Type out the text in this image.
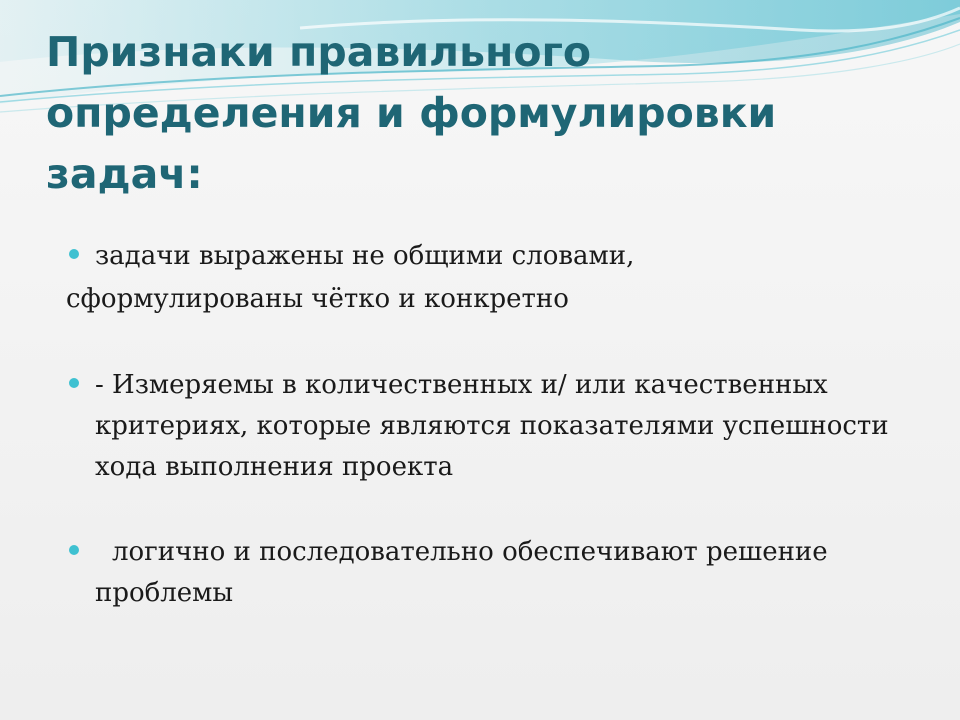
Признаки правильного
определения и формулировки
задач:
задачи выражены не общими словами,
сформулированы чётко и конкретно
- Измеряемы в количественных и/ или качественных критериях, которые являются показателями успешности хода выполнения проекта
логично и последовательно обеспечивают решение проблемы
